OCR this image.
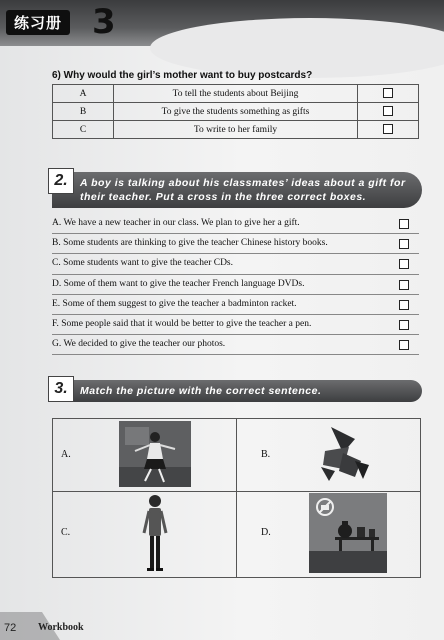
练习册 3
6) Why would the girl’s mother want to buy postcards?
A	To tell the students about Beijing	
B	To give the students something as gifts	
C	To write to her family	
2.	A boy is talking about his classmates’ ideas about a gift for their teacher. Put a cross in the three correct boxes.
A. We have a new teacher in our class. We plan to give her a gift.
B. Some students are thinking to give the teacher Chinese history books.
C. Some students want to give the teacher CDs.
D. Some of them want to give the teacher French language DVDs.
E. Some of them suggest to give the teacher a badminton racket.
F. Some people said that it would be better to give the teacher a pen.
G. We decided to give the teacher our photos.
3.	Match the picture with the correct sentence.
A.	B.
C.	D.
72 Workbook
